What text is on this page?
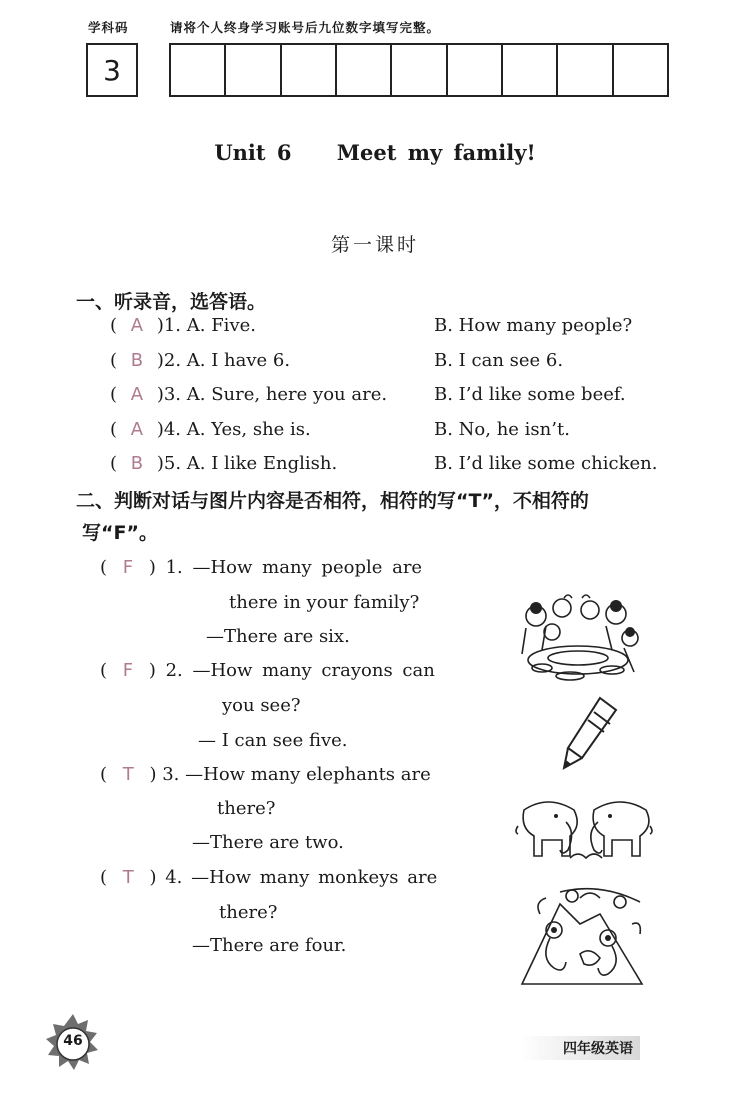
学科码	请将个人终身学习账号后九位数字填写完整。
3
Unit 6    Meet my family!
第一课时
一、听录音，选答语。
( A )1. A. Five.	B. How many people?
( B )2. A. I have 6.	B. I can see 6.
( A )3. A. Sure, here you are.	B. I’d like some beef.
( A )4. A. Yes, she is.	B. No, he isn’t.
( B )5. A. I like English.	B. I’d like some chicken.
二、判断对话与图片内容是否相符，相符的写“T”，不相符的
写“F”。
( F ) 1. —How many people are
there in your family?
—There are six.
( F ) 2. —How many crayons can
you see?
— I can see five.
( T ) 3. —How many elephants are
there?
—There are two.
( T ) 4. —How many monkeys are
there?
—There are four.
46	四年级英语
